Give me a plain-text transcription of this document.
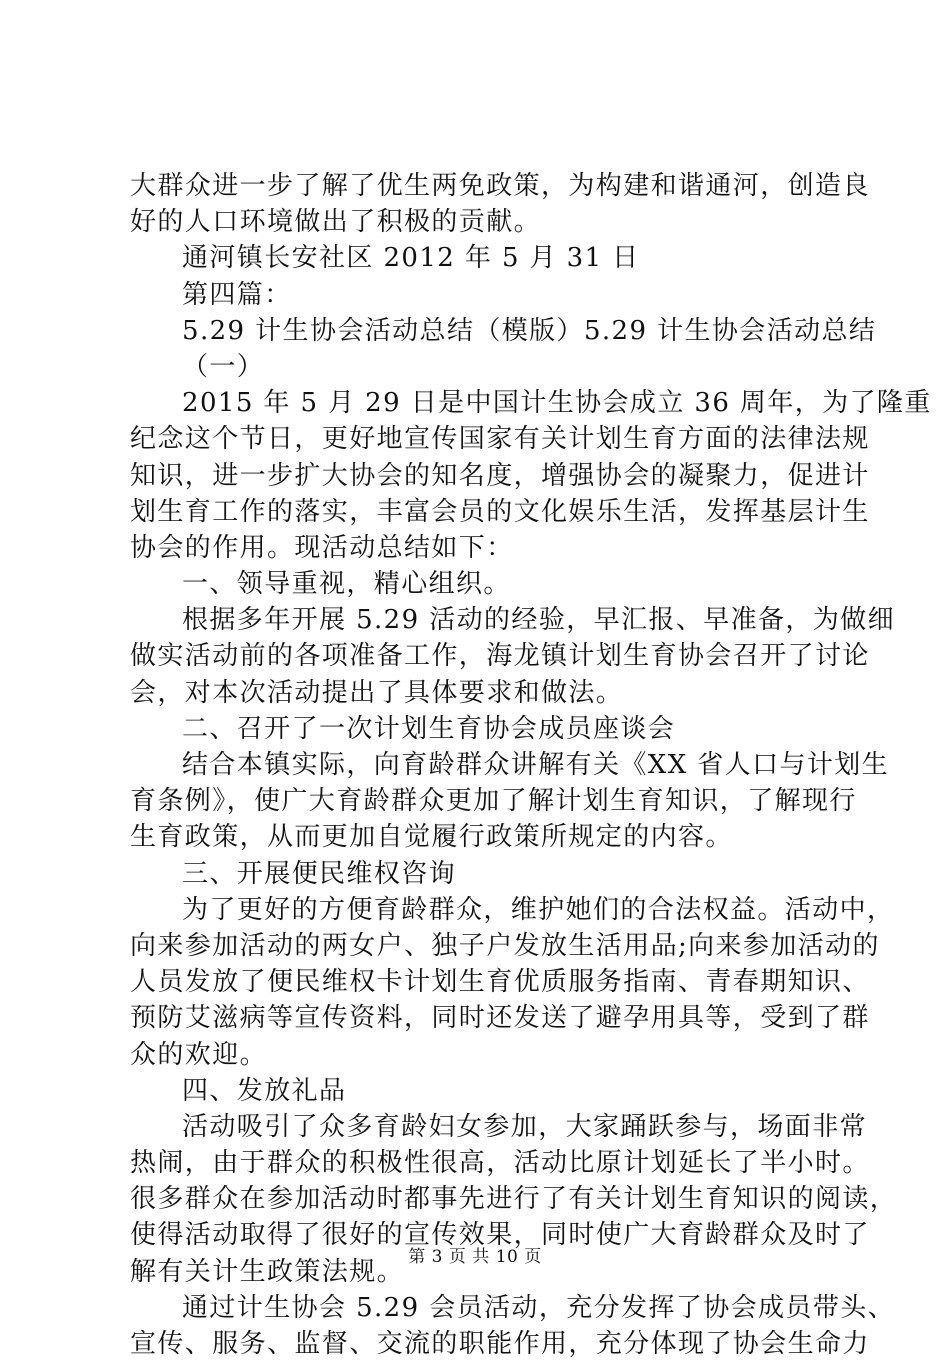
大群众进一步了解了优生两免政策，为构建和谐通河，创造良
好的人口环境做出了积极的贡献。
通河镇长安社区 2012 年 5 月 31 日
第四篇：
5.29 计生协会活动总结（模版）5.29 计生协会活动总结
（一）
2015 年 5 月 29 日是中国计生协会成立 36 周年，为了隆重
纪念这个节日，更好地宣传国家有关计划生育方面的法律法规
知识，进一步扩大协会的知名度，增强协会的凝聚力，促进计
划生育工作的落实，丰富会员的文化娱乐生活，发挥基层计生
协会的作用。现活动总结如下：
一、领导重视，精心组织。
根据多年开展 5.29 活动的经验，早汇报、早准备，为做细
做实活动前的各项准备工作，海龙镇计划生育协会召开了讨论
会，对本次活动提出了具体要求和做法。
二、召开了一次计划生育协会成员座谈会
结合本镇实际，向育龄群众讲解有关《XX 省人口与计划生
育条例》，使广大育龄群众更加了解计划生育知识，了解现行
生育政策，从而更加自觉履行政策所规定的内容。
三、开展便民维权咨询
为了更好的方便育龄群众，维护她们的合法权益。活动中，
向来参加活动的两女户、独子户发放生活用品;向来参加活动的
人员发放了便民维权卡计划生育优质服务指南、青春期知识、
预防艾滋病等宣传资料，同时还发送了避孕用具等，受到了群
众的欢迎。
四、发放礼品
活动吸引了众多育龄妇女参加，大家踊跃参与，场面非常
热闹，由于群众的积极性很高，活动比原计划延长了半小时。
很多群众在参加活动时都事先进行了有关计划生育知识的阅读，
使得活动取得了很好的宣传效果，同时使广大育龄群众及时了
解有关计生政策法规。
通过计生协会 5.29 会员活动，充分发挥了协会成员带头、
宣传、服务、监督、交流的职能作用，充分体现了协会生命力
第 3 页 共 10 页
